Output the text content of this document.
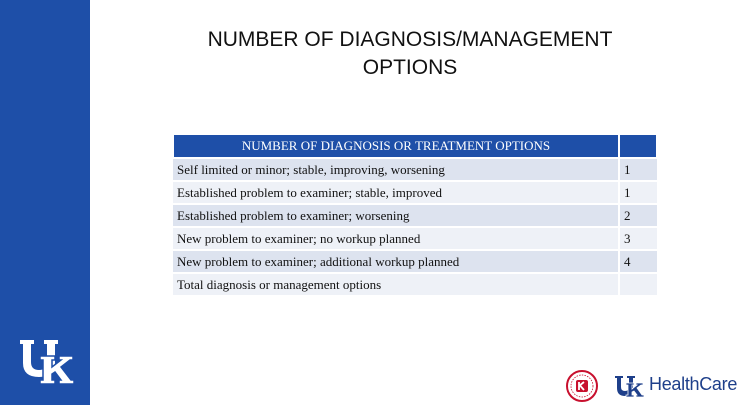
NUMBER OF DIAGNOSIS/MANAGEMENT
OPTIONS
NUMBER OF DIAGNOSIS OR TREATMENT OPTIONS	
Self limited or minor; stable, improving, worsening	1
Established problem to examiner; stable, improved	1
Established problem to examiner; worsening	2
New problem to examiner; no workup planned	3
New problem to examiner; additional workup planned	4
Total diagnosis or management options	
HealthCare
